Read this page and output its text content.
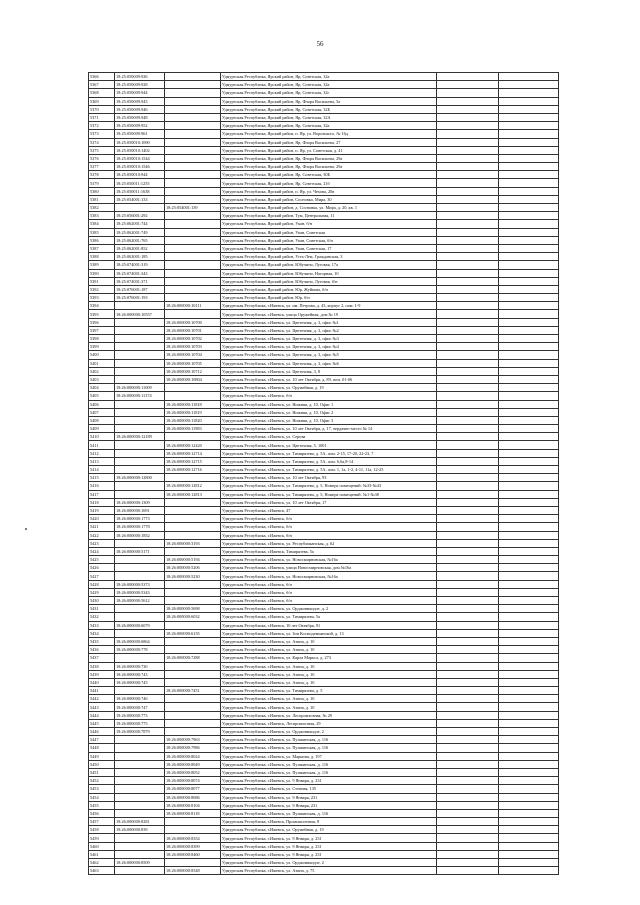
56
5366	18:25:050009:926		Удмуртская Республика, Ярский район, Яр, Советская, 32а		
5367	18:25:050009:928		Удмуртская Республика, Ярский район, Яр, Советская, 32а		
5368	18:25:050009:944		Удмуртская Республика, Ярский район, Яр, Советская, 32г		
5369	18:25:050009:945		Удмуртская Республика, Ярский район, Яр, Флора Васильева, 5а		
5370	18:25:050009:946		Удмуртская Республика, Ярский район, Яр, Советская, 32Б		
5371	18:25:050009:948		Удмуртская Республика, Ярский район, Яр, Советская, 32А		
5372	18:25:050009:952		Удмуртская Республика, Ярский район, Яр, Советская, 32а		
5373	18:25:050009:961		Удмуртская Республика, Ярский район, п. Яр, ул. Воровского, № 16д		
5374	18:25:050010:1090		Удмуртская Республика, Ярский район, Яр, Флора Васильева, 27		
5375	18:25:050010:1402		Удмуртская Республика, Ярский район, п. Яр, ул. Советская, д. 41		
5376	18:25:050010:1544		Удмуртская Республика, Ярский район, Яр, Флора Васильева, 29а		
5377	18:25:050010:1546		Удмуртская Республика, Ярский район, Яр, Флора Васильева, 29а		
5378	18:25:050010:944		Удмуртская Республика, Ярский район, Яр, Советская, 30Б		
5379	18:25:050011:1255		Удмуртская Республика, Ярский район, Яр, Советская, 21б		
5380	18:25:050011:1638		Удмуртская Республика, Ярский район, п. Яр, ул. Чехова, 20в		
5381	18:25:054001:133		Удмуртская Республика, Ярский район, Сосновка, Мира, 30		
5382		18:25:054001:139	Удмуртская Республика, Ярский район, д. Сосновка, ул. Мира, д. 20, кв. 1		
5383	18:25:056001:292		Удмуртская Республика, Ярский район, Тум, Центральная, 11		
5384	18:25:062001:744		Удмуртская Республика, Ярский район, Укан, б/н		
5385	18:25:062001:749		Удмуртская Республика, Ярский район, Укан, Советская		
5386	18:25:062001:765		Удмуртская Республика, Ярский район, Укан, Советская, б/н		
5387	18:25:062001:852		Удмуртская Республика, Ярский район, Укан, Советская, 17		
5388	18:25:063001:185		Удмуртская Республика, Ярский район, Усть-Лем, Гражданская, 3		
5389	18:25:074001:319		Удмуртская Республика, Ярский район, Юбучино, Луговая, 17а		
5390	18:25:074001:343		Удмуртская Республика, Ярский район, Юбучино, Нагорная, 10		
5391	18:25:074001:371		Удмуртская Республика, Ярский район, Юбучино, Луговая, б/н		
5392	18:25:076001:187		Удмуртская Республика, Ярский район, Юр, Жуйкова, б/н		
5393	18:25:076001:193		Удмуртская Республика, Ярский район, Юр, б/н		
5394		18:26:000000:10111	Удмуртская Республика, г.Ижевск, ул. им. Петрова, д. 43, корпус 2, пом. 1-9		
5395	18:26:000000:10557		Удмуртская Республика, г.Ижевск, улица Оружейная, дом № 19		
5396		18:26:000000:10700	Удмуртская Республика, г.Ижевск, ул. Цветочная, д. 3, офис №1		
5397		18:26:000000:10701	Удмуртская Республика, г.Ижевск, ул. Цветочная, д. 3, офис №2		
5398		18:26:000000:10702	Удмуртская Республика, г.Ижевск, ул. Цветочная, д. 3, офис №3		
5399		18:26:000000:10703	Удмуртская Республика, г.Ижевск, ул. Цветочная, д. 3, офис №4		
5400		18:26:000000:10704	Удмуртская Республика, г.Ижевск, ул. Цветочная, д. 3, офис №5		
5401		18:26:000000:10705	Удмуртская Республика, г.Ижевск, ул. Цветочная, д. 3, офис №6		
5402		18:26:000000:10712	Удмуртская Республика, г.Ижевск, ул. Цветочная, 3, 8		
5403		18:26:000000:10804	Удмуртская Республика, г.Ижевск, ул. 10 лет Октября, д. 89, пом. 01-06		
5404	18:26:000000:11009		Удмуртская Республика, г.Ижевск, ул. Оружейная, д. 19		
5405	18:26:000000:11374		Удмуртская Республика, г.Ижевск, б/н		
5406		18:26:000000:11818	Удмуртская Республика, г.Ижевск, ул. Нижняя, д. 10, Офис 1		
5407		18:26:000000:11819	Удмуртская Республика, г.Ижевск, ул. Нижняя, д. 10, Офис 2		
5408		18:26:000000:11820	Удмуртская Республика, г.Ижевск, ул. Нижняя, д. 10, Офис 3		
5409		18:26:000000:11983	Удмуртская Республика, г.Ижевск, ул. 10 лет Октября, д. 17, чердачно-место № 14		
5410	18:26:000000:12189		Удмуртская Республика, г.Ижевск, ул. Серова		
5411		18:26:000000:12420	Удмуртская Республика, г.Ижевск, ул. Цветочная, 5, 1001		
5412		18:26:000000:12714	Удмуртская Республика, г.Ижевск, ул. Тимирязева, д. 5А, пом. 2-15, 17-20, 22-23, 7		
5413		18:26:000000:12715	Удмуртская Республика, г.Ижевск, ул. Тимирязева, д. 5А, пом. 6,6а,8-14		
5414		18:26:000000:12716	Удмуртская Республика, г.Ижевск, ул. Тимирязева, д. 5А, пом. 1, 1а, 1-2, 4-11, 11а, 12-25		
5415	18:26:000000:12800		Удмуртская Республика, г.Ижевск, ул. 10 лет Октября, 93		
5416		18:26:000000:12812	Удмуртская Республика, г.Ижевск, ул. Тимирязева, д. 5, Номера помещений: №33-№43		
5417		18:26:000000:12813	Удмуртская Республика, г.Ижевск, ул. Тимирязева, д. 5, Номера помещений: №1-№38		
5418	18:26:000000:1309		Удмуртская Республика, г.Ижевск, ул. 10 лет Октября, 17		
5419	18:26:000000:1691		Удмуртская Республика, г.Ижевск, 47		
5420	18:26:000000:1773		Удмуртская Республика, г.Ижевск, б/н		
5421	18:26:000000:1778		Удмуртская Республика, г.Ижевск, б/н		
5422	18:26:000000:1852		Удмуртская Республика, г.Ижевск, б/н		
5423		18:26:000000:3193	Удмуртская Республика, г.Ижевск, ул. Республиканская, д. 62		
5424	18:26:000000:5171		Удмуртская Республика, г.Ижевск, Тимирязева, 5а		
5425		18:26:000000:5194	Удмуртская Республика, г.Ижевск, ул. Новосмирновская, №16а		
5426		18:26:000000:5206	Удмуртская Республика, г.Ижевск, улица Новосмирновская, дом №16а		
5427		18:26:000000:5230	Удмуртская Республика, г.Ижевск, ул. Новосмирновская, №16а		
5428	18:26:000000:5373		Удмуртская Республика, г.Ижевск, б/н		
5429	18:26:000000:5343		Удмуртская Республика, г.Ижевск, б/н		
5430	18:26:000000:5612		Удмуртская Республика, г.Ижевск, б/н		
5431		18:26:000000:5698	Удмуртская Республика, г.Ижевск, ул. Орджоникидзе, д. 2		
5432		18:26:000000:6032	Удмуртская Республика, г.Ижевск, ул. Тимирязева, 5а		
5433	18:26:000000:6079		Удмуртская Республика, г.Ижевск, 10 лет Октября, 91		
5434		18:26:000000:6135	Удмуртская Республика, г.Ижевск, ул. Зои Космодемьянской, д. 13		
5435	18:26:000000:6864		Удмуртская Республика, г.Ижевск, ул. Азина, д. 10		
5436	18:26:000000:778		Удмуртская Республика, г.Ижевск, ул. Азина, д. 10		
5437		18:26:000000:7288	Удмуртская Республика, г.Ижевск, ул. Карла Маркса, д. 273		
5438	18:26:000000:730		Удмуртская Республика, г.Ижевск, ул. Азина, д. 10		
5439	18:26:000000:743		Удмуртская Республика, г.Ижевск, ул. Азина, д. 10		
5440	18:26:000000:745		Удмуртская Республика, г.Ижевск, ул. Азина, д. 10		
5441		18:26:000000:7451	Удмуртская Республика, г.Ижевск, ул. Тимирязева, д. 5		
5442	18:26:000000:746		Удмуртская Республика, г.Ижевск, ул. Азина, д. 10		
5443	18:26:000000:747		Удмуртская Республика, г.Ижевск, ул. Азина, д. 10		
5444	18:26:000000:773		Удмуртская Республика, г.Ижевск, ул. Леспромхозная, № 29		
5445	18:26:000000:775		Удмуртская Республика, г.Ижевск, Леспромхозная, 29		
5446	18:26:000000:7879		Удмуртская Республика, г.Ижевск, ул. Орджоникидзе, 2		
5447		18:26:000000:7963	Удмуртская Республика, г.Ижевск, ул. Пушкинская, д. 116		
5448		18:26:000000:7986	Удмуртская Республика, г.Ижевск, ул. Пушкинская, д. 116		
5449		18:26:000000:8024	Удмуртская Республика, г.Ижевск, ул. Маркина, д. 197		
5450		18:26:000000:8049	Удмуртская Республика, г.Ижевск, ул. Пушкинская, д. 116		
5451		18:26:000000:8052	Удмуртская Республика, г.Ижевск, ул. Пушкинская, д. 116		
5452		18:26:000000:8074	Удмуртская Республика, г.Ижевск, ул. 9 Января, д. 231		
5453		18:26:000000:8077	Удмуртская Республика, г.Ижевск, ул. Степная, 135		
5454		18:26:000000:8086	Удмуртская Республика, г.Ижевск, ул. 9 Января, 231		
5455		18:26:000000:8104	Удмуртская Республика, г.Ижевск, ул. 9 Января, 231		
5456		18:26:000000:8118	Удмуртская Республика, г.Ижевск, ул. Пушкинская, д. 116		
5457	18:26:000000:8281		Удмуртская Республика, г.Ижевск, Промышленная, 8		
5458	18:26:000000:839		Удмуртская Республика, г.Ижевск, ул. Оружейная, д. 19		
5459		18:26:000000:8354	Удмуртская Республика, г.Ижевск, ул. 9 Января, д. 231		
5460		18:26:000000:8399	Удмуртская Республика, г.Ижевск, ул. 9 Января, д. 231		
5461		18:26:000000:8460	Удмуртская Республика, г.Ижевск, ул. 9 Января, д. 231		
5462	18:26:000000:8509		Удмуртская Республика, г.Ижевск, ул. Орджоникидзе, 2		
5463		18:26:000000:8548	Удмуртская Республика, г.Ижевск, ул. Азина, д. 75		
